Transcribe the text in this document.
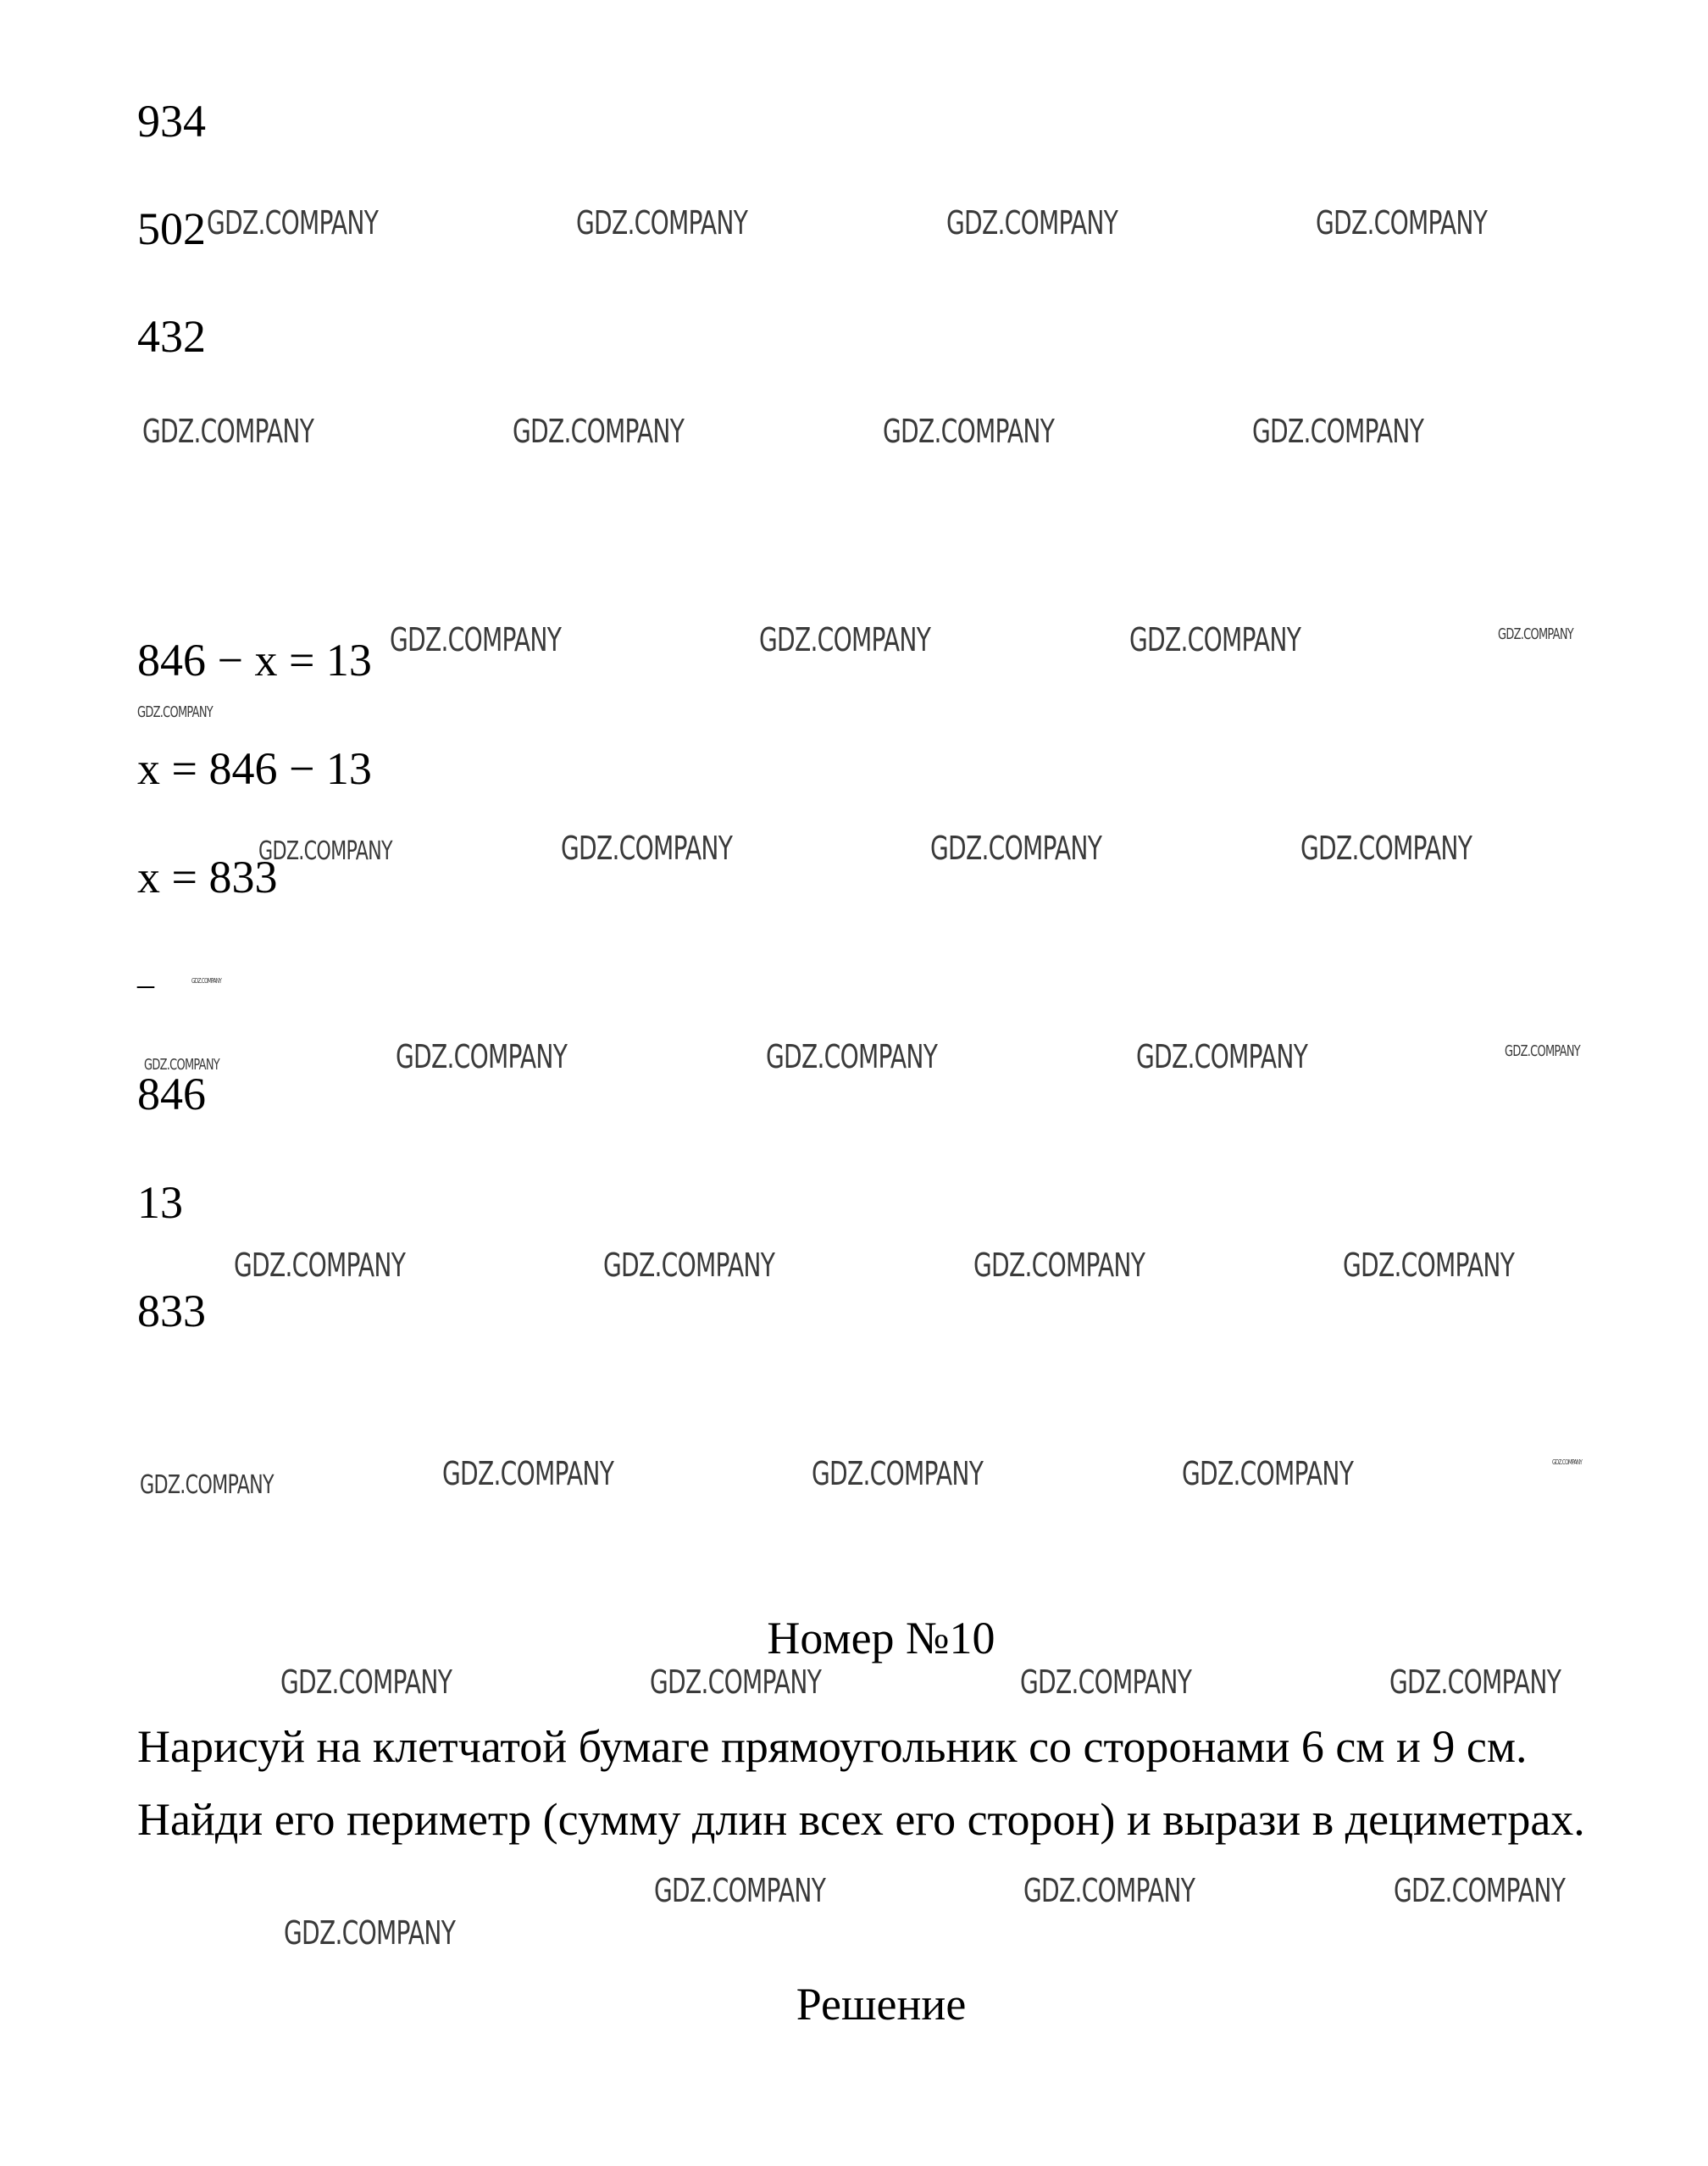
934
502
432
846 − x = 13
x = 846 − 13
x = 833
_
846
13
833
Номер №10
Нарисуй на клетчатой бумаге прямоугольник со сторонами 6 см и 9 см. Найди его периметр (сумму длин всех его сторон) и вырази в дециметрах.
Решение
GDZ.COMPANY	GDZ.COMPANY	GDZ.COMPANY	GDZ.COMPANY
GDZ.COMPANY	GDZ.COMPANY	GDZ.COMPANY	GDZ.COMPANY
GDZ.COMPANY	GDZ.COMPANY	GDZ.COMPANY	GDZ.COMPANY
GDZ.COMPANY
GDZ.COMPANY	GDZ.COMPANY	GDZ.COMPANY	GDZ.COMPANY
GDZ.COMPANY
GDZ.COMPANY	GDZ.COMPANY	GDZ.COMPANY	GDZ.COMPANY	GDZ.COMPANY
GDZ.COMPANY	GDZ.COMPANY	GDZ.COMPANY	GDZ.COMPANY
GDZ.COMPANY	GDZ.COMPANY	GDZ.COMPANY	GDZ.COMPANY	GDZ.COMPANY
GDZ.COMPANY	GDZ.COMPANY	GDZ.COMPANY	GDZ.COMPANY
GDZ.COMPANY	GDZ.COMPANY	GDZ.COMPANY
GDZ.COMPANY
